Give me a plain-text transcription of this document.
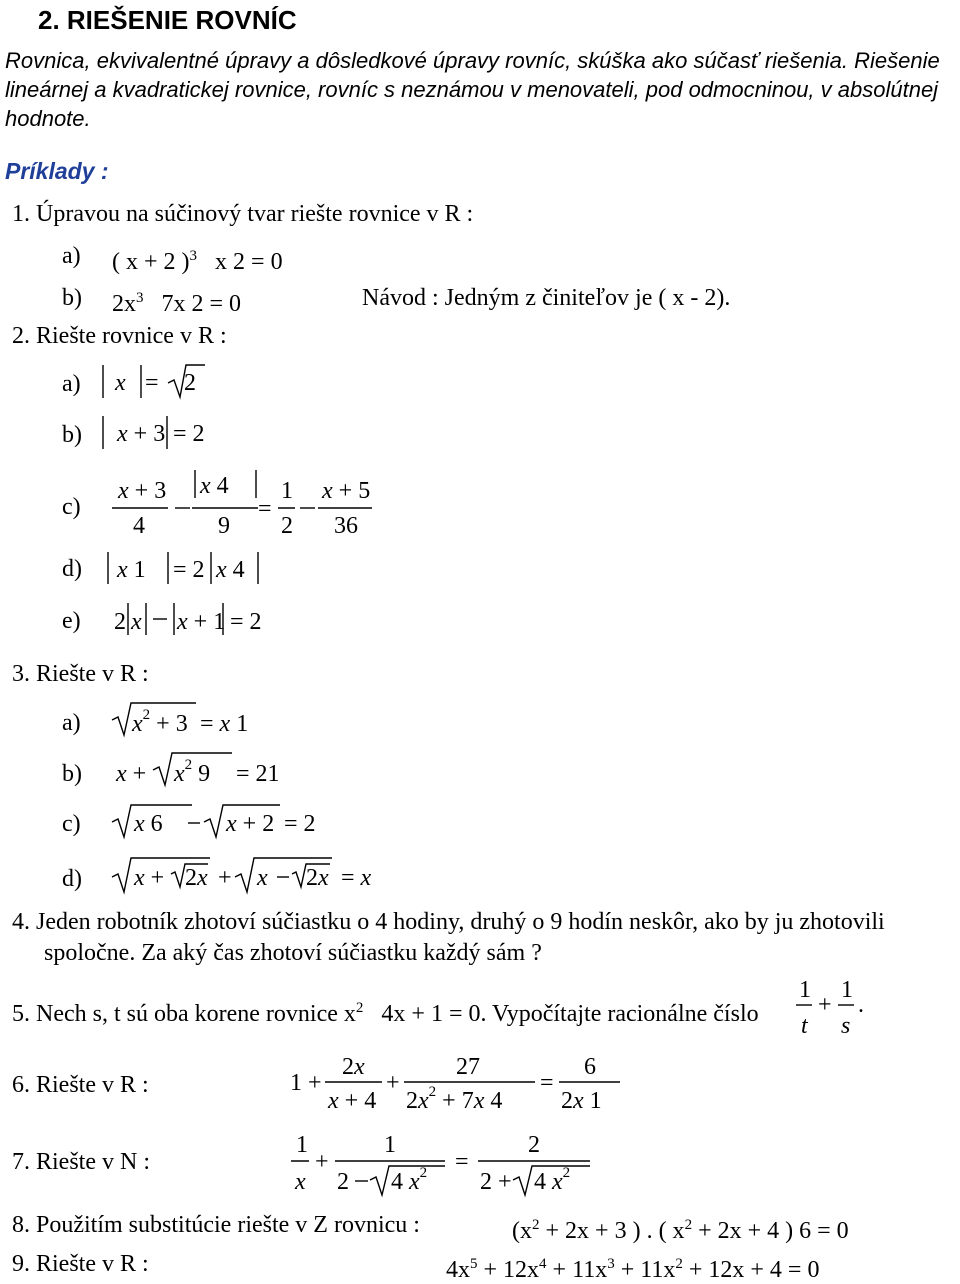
2. RIEŠENIE ROVNÍC
Rovnica, ekvivalentné úpravy a dôsledkové úpravy rovníc, skúška ako súčasť riešenia. Riešenie
lineárnej a kvadratickej rovnice, rovníc s neznámou v menovateli, pod odmocninou, v absolútnej
hodnote.
Príklady :
1. Úpravou na súčinový tvar riešte rovnice v R :
a) ( x + 2 )$^3$ x 2 = 0
b) $2x^3$ 7x 2 = 0	Návod : Jedným z činiteľov je ( x - 2).
2. Riešte rovnice v R :
a)
b)
c)
d)
e)
3. Riešte v R :
a)
b)
c)
d)
4. Jeden robotník zhotoví súčiastku o 4 hodiny, druhý o 9 hodín neskôr, ako by ju zhotovili
spoločne. Za aký čas zhotoví súčiastku každý sám ?
5. Nech s, t sú oba korene rovnice $x^2$ 4x + 1 = 0. Vypočítajte racionálne číslo
6. Riešte v R :
7. Riešte v N :
8. Použitím substitúcie riešte v Z rovnicu :	($x^2 + 2x + 3$ ) . ( $x^2 + 2x + 4$ ) 6 = 0
9. Riešte v R :	$4x^5 + 12x^4 + 11x^3 + 11x^2 + 12x + 4 = 0$
x = 2
x + 3 = 2
x + 3
4
x 4
9
=
1
2
x + 5
36
x 1 = 2 x 4
2 x x + 1 = 2
$x^2 + 3 = x$ 1
$x + x^2$ 9 = 21
x 6	x + 2 = 2
x + 2x + x 2x = x
1
t
+
1
s
.
1 +
2x
x + 4
+
27
$2x^2 + 7x$ 4
=
6
2x 1
1
x
+
1
2 4 $x^2$ =
2
2 + 4 $x^2$
